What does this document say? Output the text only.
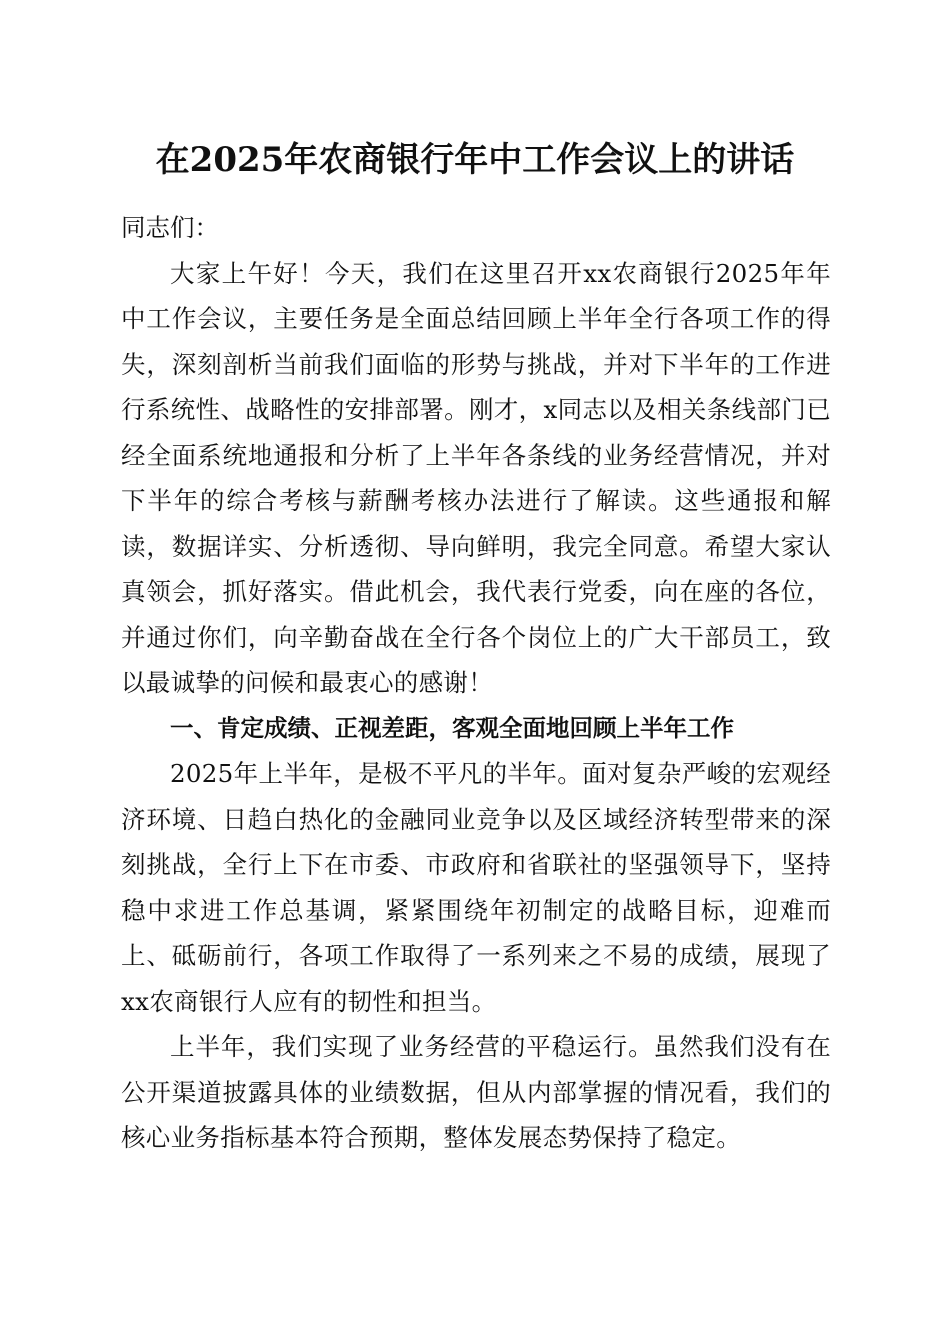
在2025年农商银行年中工作会议上的讲话

同志们：

大家上午好！今天，我们在这里召开xx农商银行2025年年中工作会议，主要任务是全面总结回顾上半年全行各项工作的得失，深刻剖析当前我们面临的形势与挑战，并对下半年的工作进行系统性、战略性的安排部署。刚才，x同志以及相关条线部门已经全面系统地通报和分析了上半年各条线的业务经营情况，并对下半年的综合考核与薪酬考核办法进行了解读。这些通报和解读，数据详实、分析透彻、导向鲜明，我完全同意。希望大家认真领会，抓好落实。借此机会，我代表行党委，向在座的各位，并通过你们，向辛勤奋战在全行各个岗位上的广大干部员工，致以最诚挚的问候和最衷心的感谢！

一、肯定成绩、正视差距，客观全面地回顾上半年工作

2025年上半年，是极不平凡的半年。面对复杂严峻的宏观经济环境、日趋白热化的金融同业竞争以及区域经济转型带来的深刻挑战，全行上下在市委、市政府和省联社的坚强领导下，坚持稳中求进工作总基调，紧紧围绕年初制定的战略目标，迎难而上、砥砺前行，各项工作取得了一系列来之不易的成绩，展现了xx农商银行人应有的韧性和担当。

上半年，我们实现了业务经营的平稳运行。虽然我们没有在公开渠道披露具体的业绩数据，但从内部掌握的情况看，我们的核心业务指标基本符合预期，整体发展态势保持了稳定。
